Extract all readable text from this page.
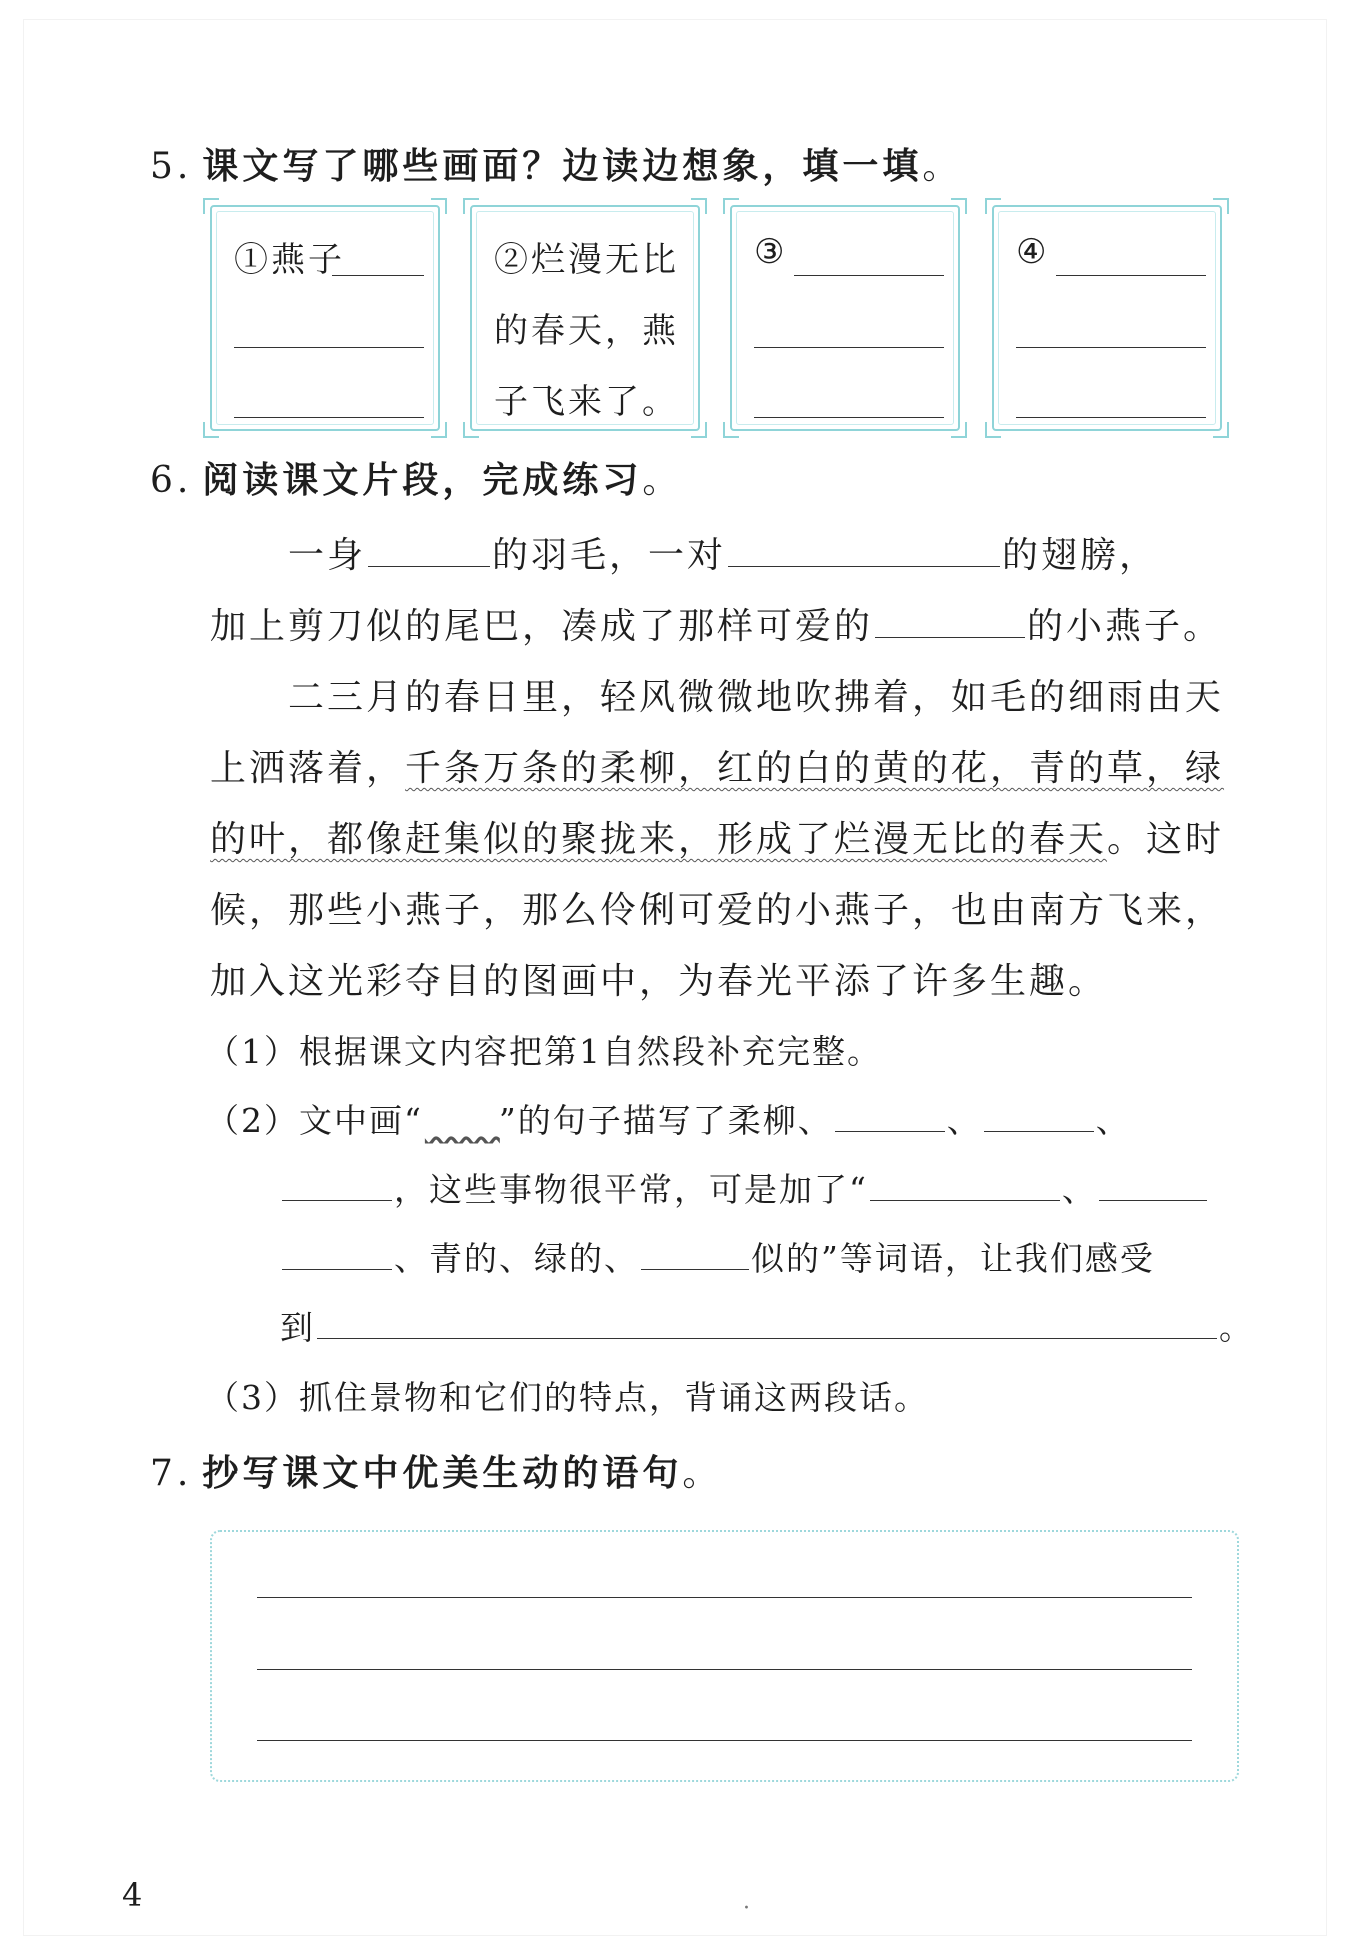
5. 课文写了哪些画面？边读边想象，填一填。
①燕子	②烂漫无比
的春天，燕
子飞来了。
③	④
6. 阅读课文片段，完成练习。
一身	的羽毛，一对	的翅膀，
加上剪刀似的尾巴，凑成了那样可爱的	的小燕子。
二三月的春日里，轻风微微地吹拂着，如毛的细雨由天
上洒落着，千条万条的柔柳，红的白的黄的花，青的草，绿
的叶，都像赶集似的聚拢来，形成了烂漫无比的春天。这时
候，那些小燕子，那么伶俐可爱的小燕子，也由南方飞来，
加入这光彩夺目的图画中，为春光平添了许多生趣。
（1）根据课文内容把第1自然段补充完整。
（2）文中画“​      ”的句子描写了柔柳、	、	、
，这些事物很平常，可是加了“	、
、青的、绿的、	似的”等词语，让我们感受
到	。
（3）抓住景物和它们的特点，背诵这两段话。
7. 抄写课文中优美生动的语句。
4	·
